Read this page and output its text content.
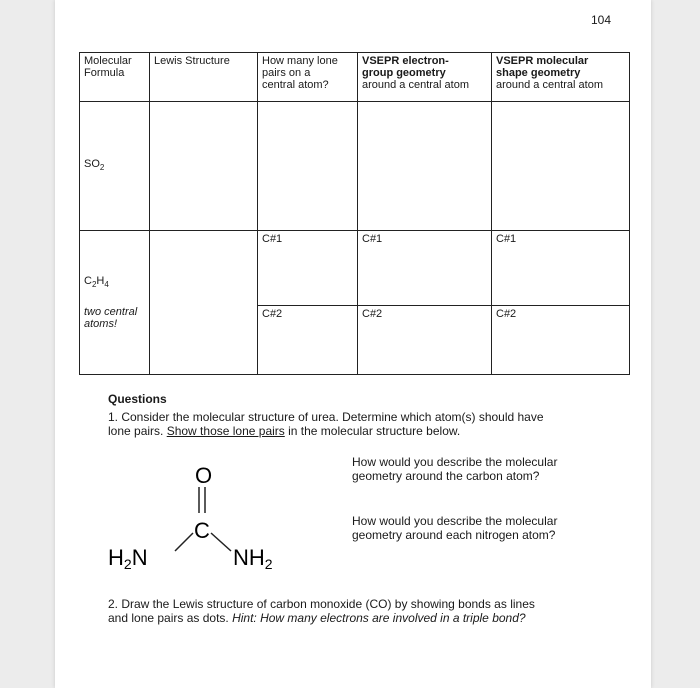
104
Molecular
Formula	Lewis Structure	How many lone
pairs on a
central atom?	VSEPR electron-
group geometry
around a central atom	VSEPR molecular
shape geometry
around a central atom
$SO_2$				
$C_2H_4$
two central
atoms!		C#1	C#1	C#1
		C#2	C#2	C#2
Questions
1. Consider the molecular structure of urea. Determine which atom(s) should have
lone pairs. Show those lone pairs in the molecular structure below.
How would you describe the molecular geometry around the carbon atom?
How would you describe the molecular geometry around each nitrogen atom?
O
C
H2N	NH2
2. Draw the Lewis structure of carbon monoxide (CO) by showing bonds as lines
and lone pairs as dots. Hint: How many electrons are involved in a triple bond?
